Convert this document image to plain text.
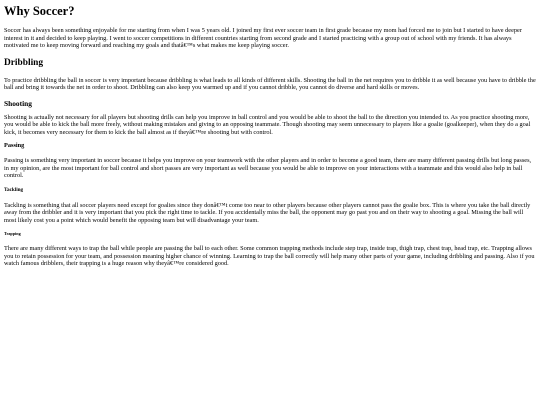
Why Soccer?

Soccer has always been something enjoyable for me starting from when I was 5 years old. I joined my first ever soccer team in first grade because my mom had forced me to join but I started to have deeper interest in it and decided to keep playing. I went to soccer competitions in different countries starting from second grade and I started practicing with a group out of school with my friends. It has always motivated me to keep moving forward and reaching my goals and thatâ€™s what makes me keep playing soccer.

Dribbling

To practice dribbling the ball in soccer is very important because dribbling is what leads to all kinds of different skills. Shooting the ball in the net requires you to dribble it as well because you have to dribble the ball and bring it towards the net in order to shoot. Dribbling can also keep you warmed up and if you cannot dribble, you cannot do diverse and hard skills or moves.

Shooting

Shooting is actually not necessary for all players but shooting drills can help you improve in ball control and you would be able to shoot the ball to the direction you intended to. As you practice shooting more, you would be able to kick the ball more freely, without making mistakes and giving to an opposing teammate. Though shooting may seem unnecessary to players like a goalie (goalkeeper), when they do a goal kick, it becomes very necessary for them to kick the ball almost as if theyâ€™re shooting but with control.

Passing

Passing is something very important in soccer because it helps you improve on your teamwork with the other players and in order to become a good team, there are many different passing drills but long passes, in my opinion, are the most important for ball control and short passes are very important as well because you would be able to improve on your interactions with a teammate and this would also help in ball control.

Tackling

Tackling is something that all soccer players need except for goalies since they donâ€™t come too near to other players because other players cannot pass the goalie box. This is where you take the ball directly away from the dribbler and it is very important that you pick the right time to tackle. If you accidentally miss the ball, the opponent may go past you and on their way to shooting a goal. Missing the ball will most likely cost you a point which would benefit the opposing team but will disadvantage your team.

Trapping

There are many different ways to trap the ball while people are passing the ball to each other. Some common trapping methods include step trap, inside trap, thigh trap, chest trap, head trap, etc. Trapping allows you to retain possession for your team, and possession meaning higher chance of winning. Learning to trap the ball correctly will help many other parts of your game, including dribbling and passing. Also if you watch famous dribblers, their trapping is a huge reason why theyâ€™re considered good.
